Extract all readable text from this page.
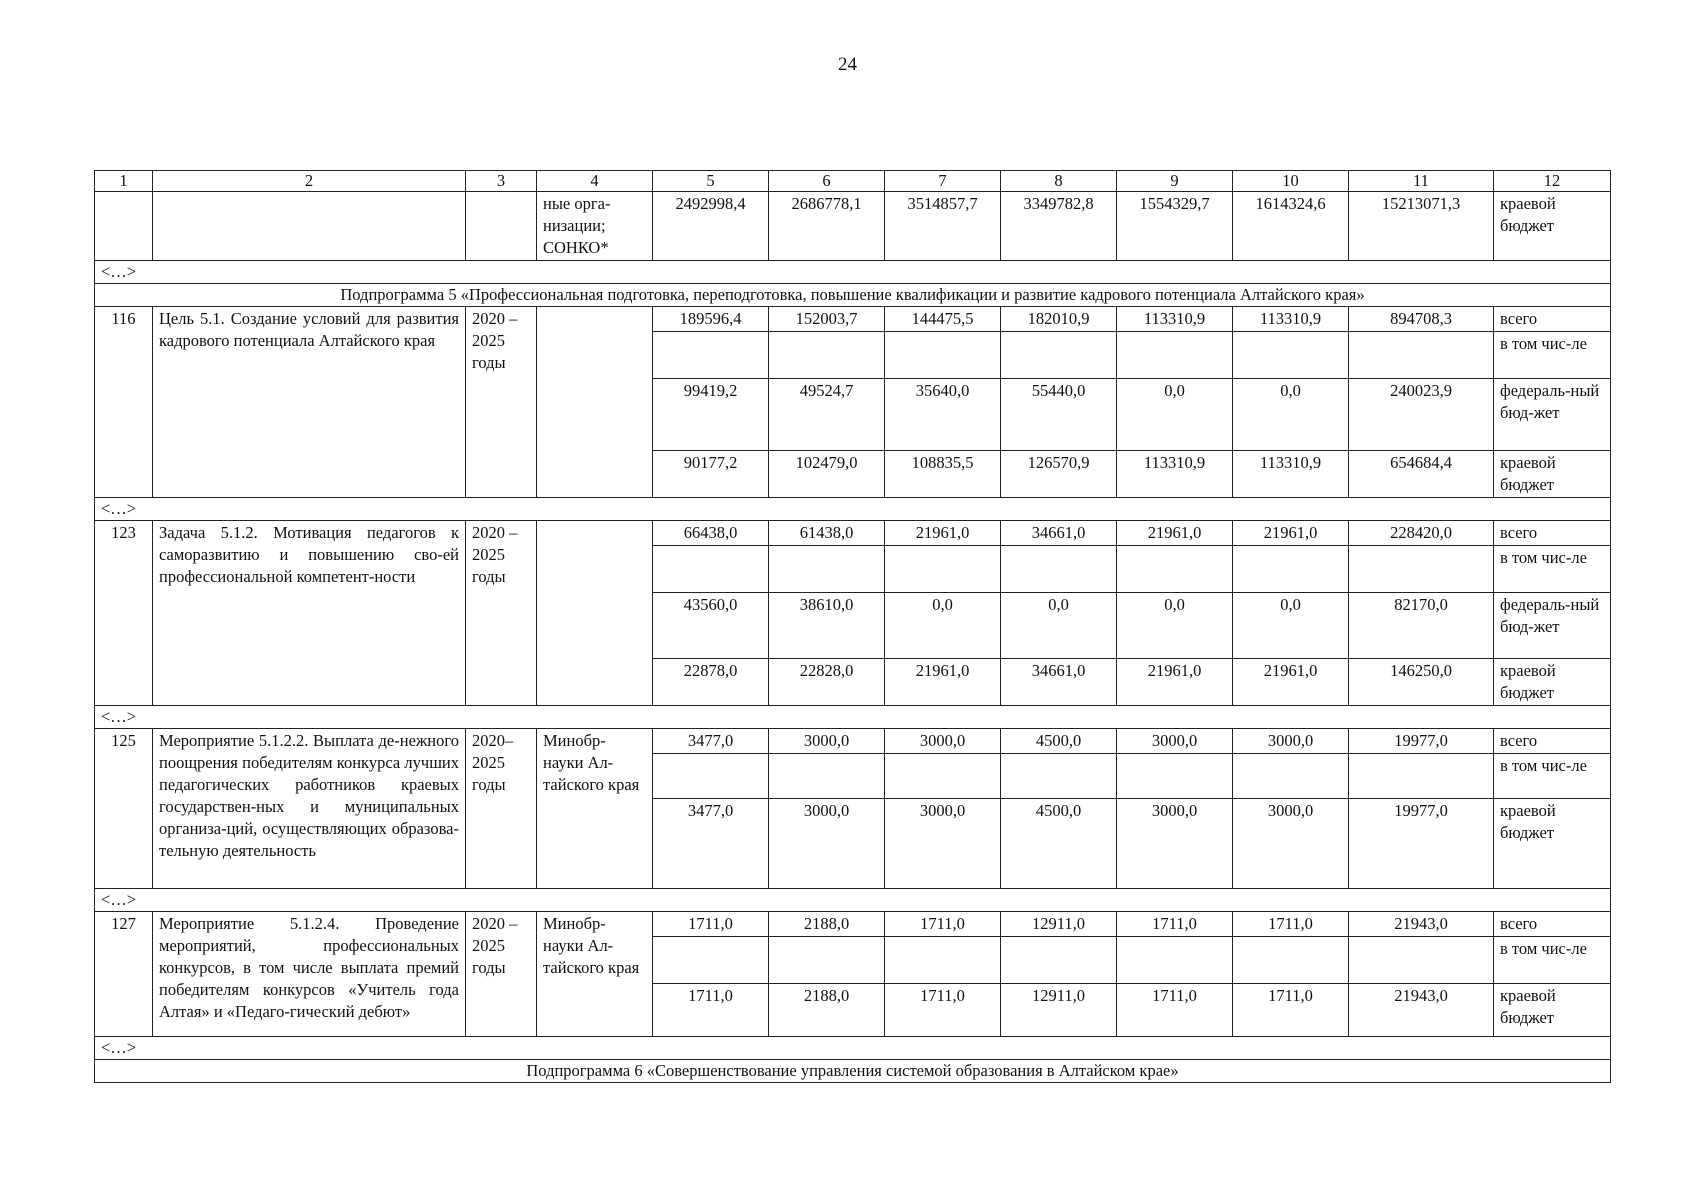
24
1	2	3	4	5	6	7	8	9	10	11	12
			ные орга-низации; СОНКО*	2492998,4	2686778,1	3514857,7	3349782,8	1554329,7	1614324,6	15213071,3	краевой бюджет
<…>											
Подпрограмма 5 «Профессиональная подготовка, переподготовка, повышение квалификации и развитие кадрового потенциала Алтайского края»											
116	Цель 5.1. Создание условий для развития кадрового потенциала Алтайского края	2020 – 2025 годы		189596,4	152003,7	144475,5	182010,9	113310,9	113310,9	894708,3	всего
											в том чис-ле
				99419,2	49524,7	35640,0	55440,0	0,0	0,0	240023,9	федераль-ный бюд-жет
				90177,2	102479,0	108835,5	126570,9	113310,9	113310,9	654684,4	краевой бюджет
<…>											
123	Задача 5.1.2. Мотивация педагогов к саморазвитию и повышению сво-ей профессиональной компетент-ности	2020 – 2025 годы		66438,0	61438,0	21961,0	34661,0	21961,0	21961,0	228420,0	всего
											в том чис-ле
				43560,0	38610,0	0,0	0,0	0,0	0,0	82170,0	федераль-ный бюд-жет
				22878,0	22828,0	21961,0	34661,0	21961,0	21961,0	146250,0	краевой бюджет
<…>											
125	Мероприятие 5.1.2.2. Выплата де-нежного поощрения победителям конкурса лучших педагогических работников краевых государствен-ных и муниципальных организа-ций, осуществляющих образова-тельную деятельность	2020– 2025 годы	Минобр-науки Ал-тайского края	3477,0	3000,0	3000,0	4500,0	3000,0	3000,0	19977,0	всего
											в том чис-ле
				3477,0	3000,0	3000,0	4500,0	3000,0	3000,0	19977,0	краевой бюджет
<…>											
127	Мероприятие 5.1.2.4. Проведение мероприятий, профессиональных конкурсов, в том числе выплата премий победителям конкурсов «Учитель года Алтая» и «Педаго-гический дебют»	2020 – 2025 годы	Минобр-науки Ал-тайского края	1711,0	2188,0	1711,0	12911,0	1711,0	1711,0	21943,0	всего
											в том чис-ле
				1711,0	2188,0	1711,0	12911,0	1711,0	1711,0	21943,0	краевой бюджет
<…>											
Подпрограмма 6 «Совершенствование управления системой образования в Алтайском крае»											
